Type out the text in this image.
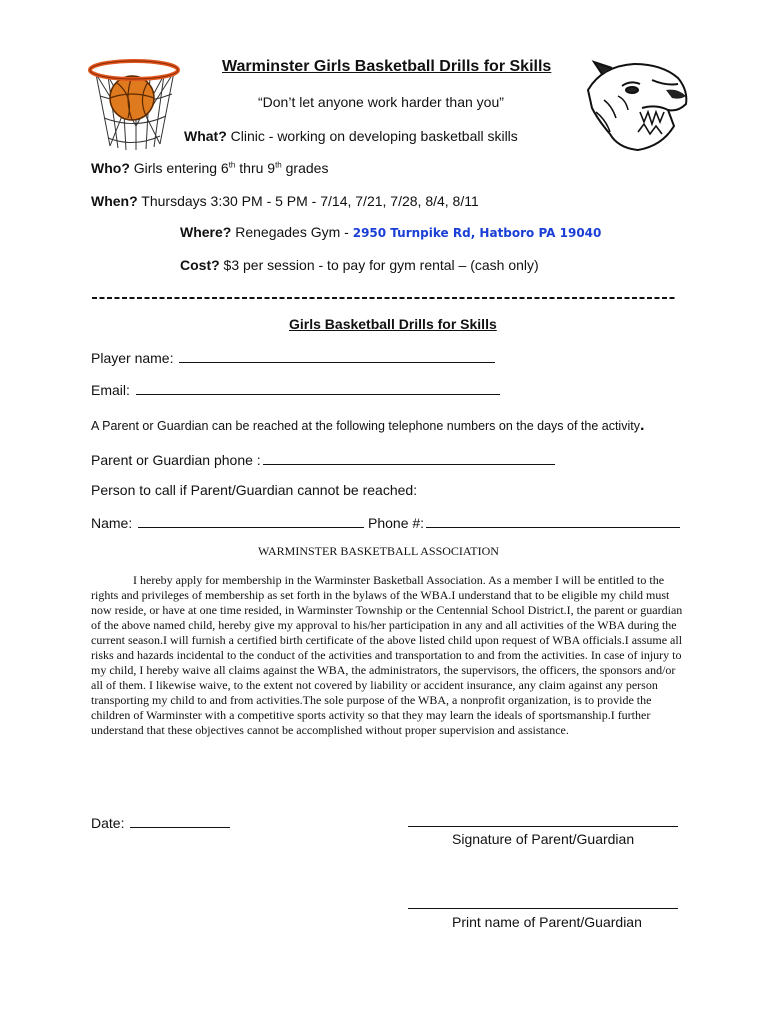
Warminster Girls Basketball Drills for Skills
“Don’t let anyone work harder than you”
What? Clinic - working on developing basketball skills
Who? Girls entering 6th thru 9th grades
When? Thursdays 3:30 PM - 5 PM - 7/14, 7/21, 7/28, 8/4, 8/11
Where? Renegades Gym - 2950 Turnpike Rd, Hatboro PA 19040
Cost? $3 per session - to pay for gym rental – (cash only)
Girls Basketball Drills for Skills
Player name:
Email:
A Parent or Guardian can be reached at the following telephone numbers on the days of the activity.
Parent or Guardian phone :
Person to call if Parent/Guardian cannot be reached:
Name:	Phone #:
WARMINSTER BASKETBALL ASSOCIATION
I hereby apply for membership in the Warminster Basketball Association. As a member I will be entitled to the rights and privileges of membership as set forth in the bylaws of the WBA.I understand that to be eligible my child must now reside, or have at one time resided, in Warminster Township or the Centennial School District.I, the parent or guardian of the above named child, hereby give my approval to his/her participation in any and all activities of the WBA during the current season.I will furnish a certified birth certificate of the above listed child upon request of WBA officials.I assume all risks and hazards incidental to the conduct of the activities and transportation to and from the activities. In case of injury to my child, I hereby waive all claims against the WBA, the administrators, the supervisors, the officers, the sponsors and/or all of them. I likewise waive, to the extent not covered by liability or accident insurance, any claim against any person transporting my child to and from activities.The sole purpose of the WBA, a nonprofit organization, is to provide the children of Warminster with a competitive sports activity so that they may learn the ideals of sportsmanship.I further understand that these objectives cannot be accomplished without proper supervision and assistance.
Date:
Signature of Parent/Guardian
Print name of Parent/Guardian
